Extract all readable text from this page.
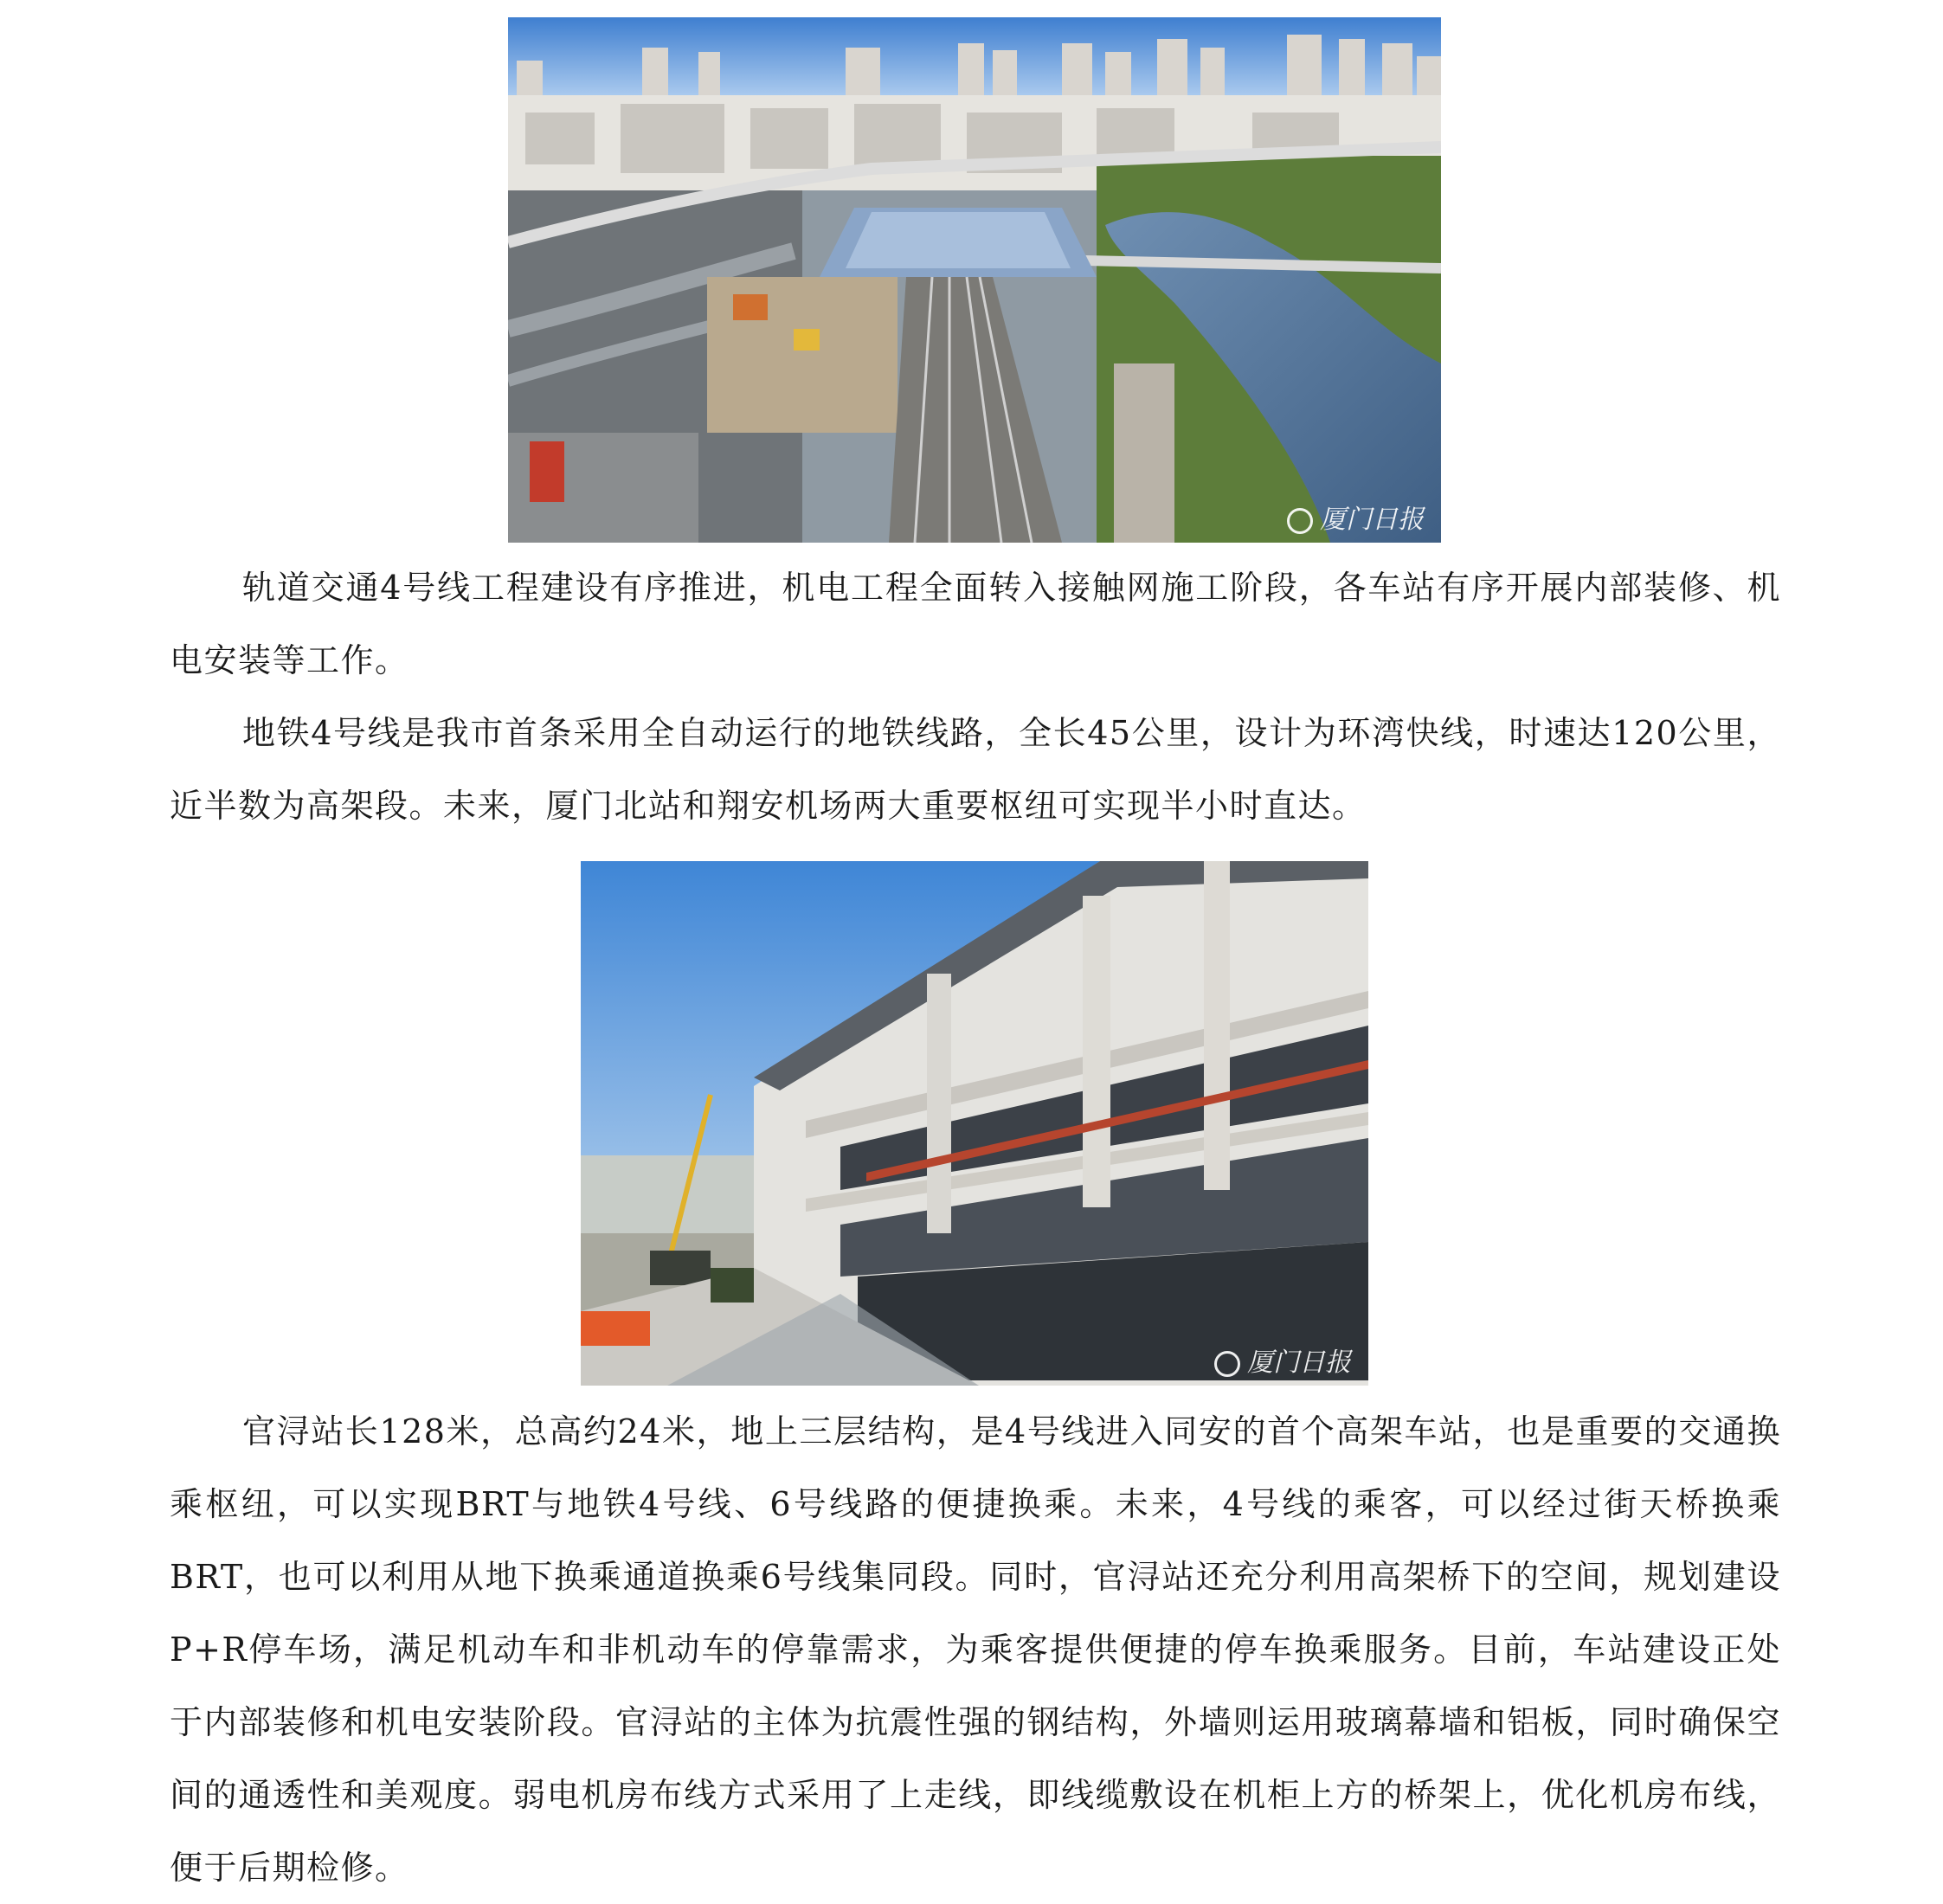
厦门日报

轨道交通4号线工程建设有序推进，机电工程全面转入接触网施工阶段，各车站有序开展内部装修、机电安装等工作。

地铁4号线是我市首条采用全自动运行的地铁线路，全长45公里，设计为环湾快线，时速达120公里，近半数为高架段。未来，厦门北站和翔安机场两大重要枢纽可实现半小时直达。

厦门日报

官浔站长128米，总高约24米，地上三层结构，是4号线进入同安的首个高架车站，也是重要的交通换乘枢纽，可以实现BRT与地铁4号线、6号线路的便捷换乘。未来，4号线的乘客，可以经过街天桥换乘BRT，也可以利用从地下换乘通道换乘6号线集同段。同时，官浔站还充分利用高架桥下的空间，规划建设P+R停车场，满足机动车和非机动车的停靠需求，为乘客提供便捷的停车换乘服务。目前，车站建设正处于内部装修和机电安装阶段。官浔站的主体为抗震性强的钢结构，外墙则运用玻璃幕墙和铝板，同时确保空间的通透性和美观度。弱电机房布线方式采用了上走线，即线缆敷设在机柜上方的桥架上，优化机房布线，便于后期检修。
